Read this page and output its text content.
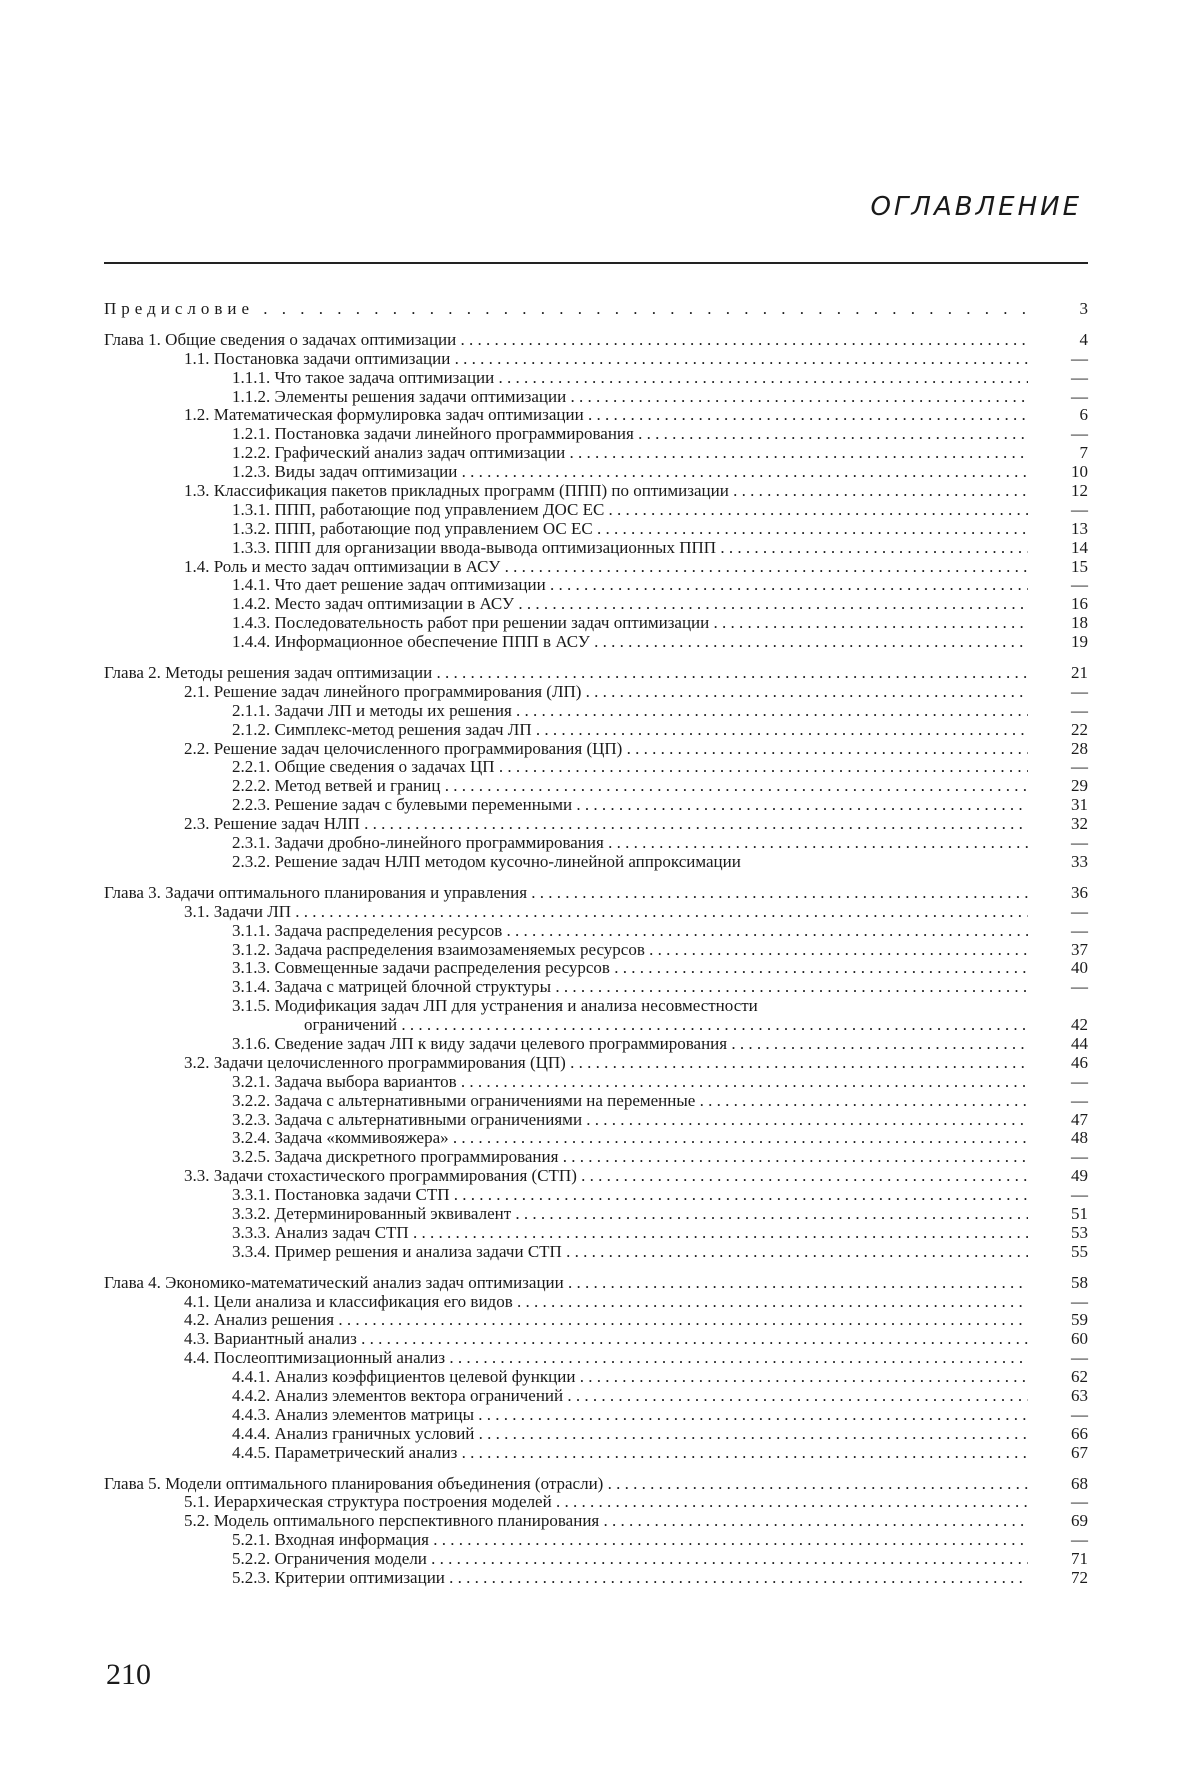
ОГЛАВЛЕНИЕ
Предисловие . . .	3
Глава 1. Общие сведения о задачах оптимизации . . .	4
1.1. Постановка задачи оптимизации . . .	—
1.1.1. Что такое задача оптимизации . . .	—
1.1.2. Элементы решения задачи оптимизации . . .	—
1.2. Математическая формулировка задач оптимизации . . .	6
1.2.1. Постановка задачи линейного программирования . . .	—
1.2.2. Графический анализ задач оптимизации . . .	7
1.2.3. Виды задач оптимизации . . .	10
1.3. Классификация пакетов прикладных программ (ППП) по оптимизации . . .	12
1.3.1. ППП, работающие под управлением ДОС ЕС . . .	—
1.3.2. ППП, работающие под управлением ОС ЕС . . .	13
1.3.3. ППП для организации ввода-вывода оптимизационных ППП . . .	14
1.4. Роль и место задач оптимизации в АСУ . . .	15
1.4.1. Что дает решение задач оптимизации . . .	—
1.4.2. Место задач оптимизации в АСУ . . .	16
1.4.3. Последовательность работ при решении задач оптимизации . . .	18
1.4.4. Информационное обеспечение ППП в АСУ . . .	19
Глава 2. Методы решения задач оптимизации . . .	21
2.1. Решение задач линейного программирования (ЛП) . . .	—
2.1.1. Задачи ЛП и методы их решения . . .	—
2.1.2. Симплекс-метод решения задач ЛП . . .	22
2.2. Решение задач целочисленного программирования (ЦП) . . .	28
2.2.1. Общие сведения о задачах ЦП . . .	—
2.2.2. Метод ветвей и границ . . .	29
2.2.3. Решение задач с булевыми переменными . . .	31
2.3. Решение задач НЛП . . .	32
2.3.1. Задачи дробно-линейного программирования . . .	—
2.3.2. Решение задач НЛП методом кусочно-линейной аппроксимации	33
Глава 3. Задачи оптимального планирования и управления . . .	36
3.1. Задачи ЛП . . .	—
3.1.1. Задача распределения ресурсов . . .	—
3.1.2. Задача распределения взаимозаменяемых ресурсов . . .	37
3.1.3. Совмещенные задачи распределения ресурсов . . .	40
3.1.4. Задача с матрицей блочной структуры . . .	—
3.1.5. Модификация задач ЛП для устранения и анализа несовместности
ограничений . . .	42
3.1.6. Сведение задач ЛП к виду задачи целевого программирования . . .	44
3.2. Задачи целочисленного программирования (ЦП) . . .	46
3.2.1. Задача выбора вариантов . . .	—
3.2.2. Задача с альтернативными ограничениями на переменные . . .	—
3.2.3. Задача с альтернативными ограничениями . . .	47
3.2.4. Задача «коммивояжера» . . .	48
3.2.5. Задача дискретного программирования . . .	—
3.3. Задачи стохастического программирования (СТП) . . .	49
3.3.1. Постановка задачи СТП . . .	—
3.3.2. Детерминированный эквивалент . . .	51
3.3.3. Анализ задач СТП . . .	53
3.3.4. Пример решения и анализа задачи СТП . . .	55
Глава 4. Экономико-математический анализ задач оптимизации . . .	58
4.1. Цели анализа и классификация его видов . . .	—
4.2. Анализ решения . . .	59
4.3. Вариантный анализ . . .	60
4.4. Послеоптимизационный анализ . . .	—
4.4.1. Анализ коэффициентов целевой функции . . .	62
4.4.2. Анализ элементов вектора ограничений . . .	63
4.4.3. Анализ элементов матрицы . . .	—
4.4.4. Анализ граничных условий . . .	66
4.4.5. Параметрический анализ . . .	67
Глава 5. Модели оптимального планирования объединения (отрасли) . . .	68
5.1. Иерархическая структура построения моделей . . .	—
5.2. Модель оптимального перспективного планирования . . .	69
5.2.1. Входная информация . . .	—
5.2.2. Ограничения модели . . .	71
5.2.3. Критерии оптимизации . . .	72
210
